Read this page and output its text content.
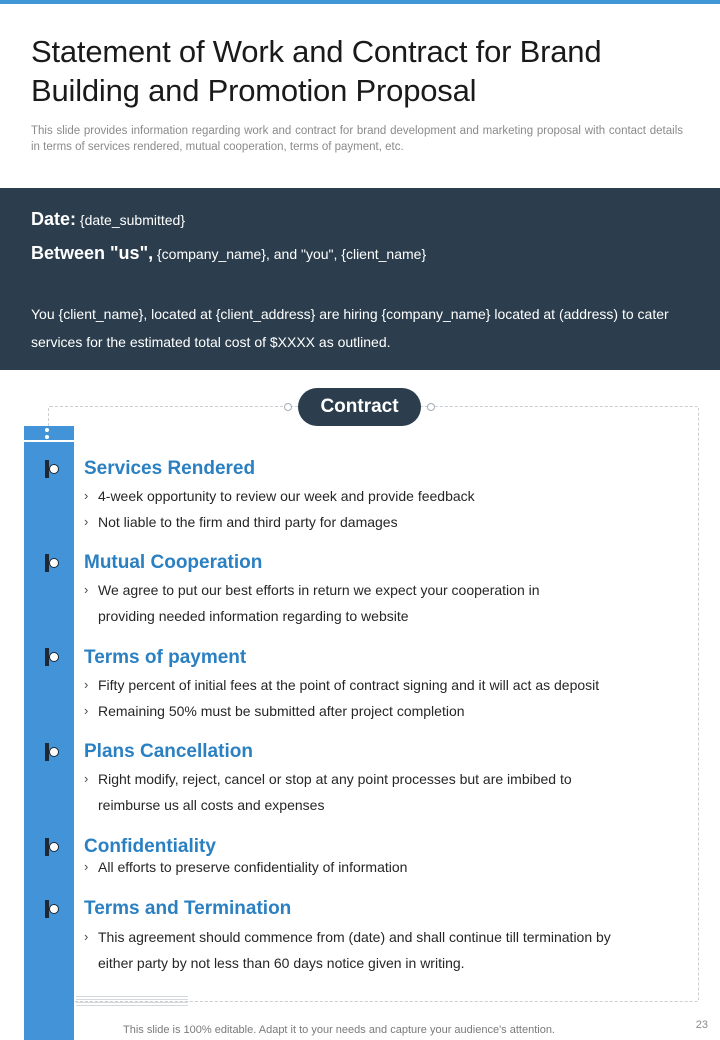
Statement of Work and Contract for Brand Building and Promotion Proposal

This slide provides information regarding work and contract for brand development and marketing proposal with contact details in terms of services rendered, mutual cooperation, terms of payment, etc.

Date: {date_submitted}
Between "us", {company_name}, and "you", {client_name}

You {client_name}, located at {client_address} are hiring {company_name} located at (address) to cater services for the estimated total cost of $XXXX as outlined.

Contract
Services Rendered
› 4-week opportunity to review our week and provide feedback
› Not liable to the firm and third party for damages
Mutual Cooperation
› We agree to put our best efforts in return we expect your cooperation in providing needed information regarding to website
Terms of payment
› Fifty percent of initial fees at the point of contract signing and it will act as deposit
› Remaining 50% must be submitted after project completion
Plans Cancellation
› Right modify, reject, cancel or stop at any point processes but are imbibed to reimburse us all costs and expenses
Confidentiality
› All efforts to preserve confidentiality of information
Terms and Termination
› This agreement should commence from (date) and shall continue till termination by either party by not less than 60 days notice given in writing.
This slide is 100% editable. Adapt it to your needs and capture your audience's attention.	23
